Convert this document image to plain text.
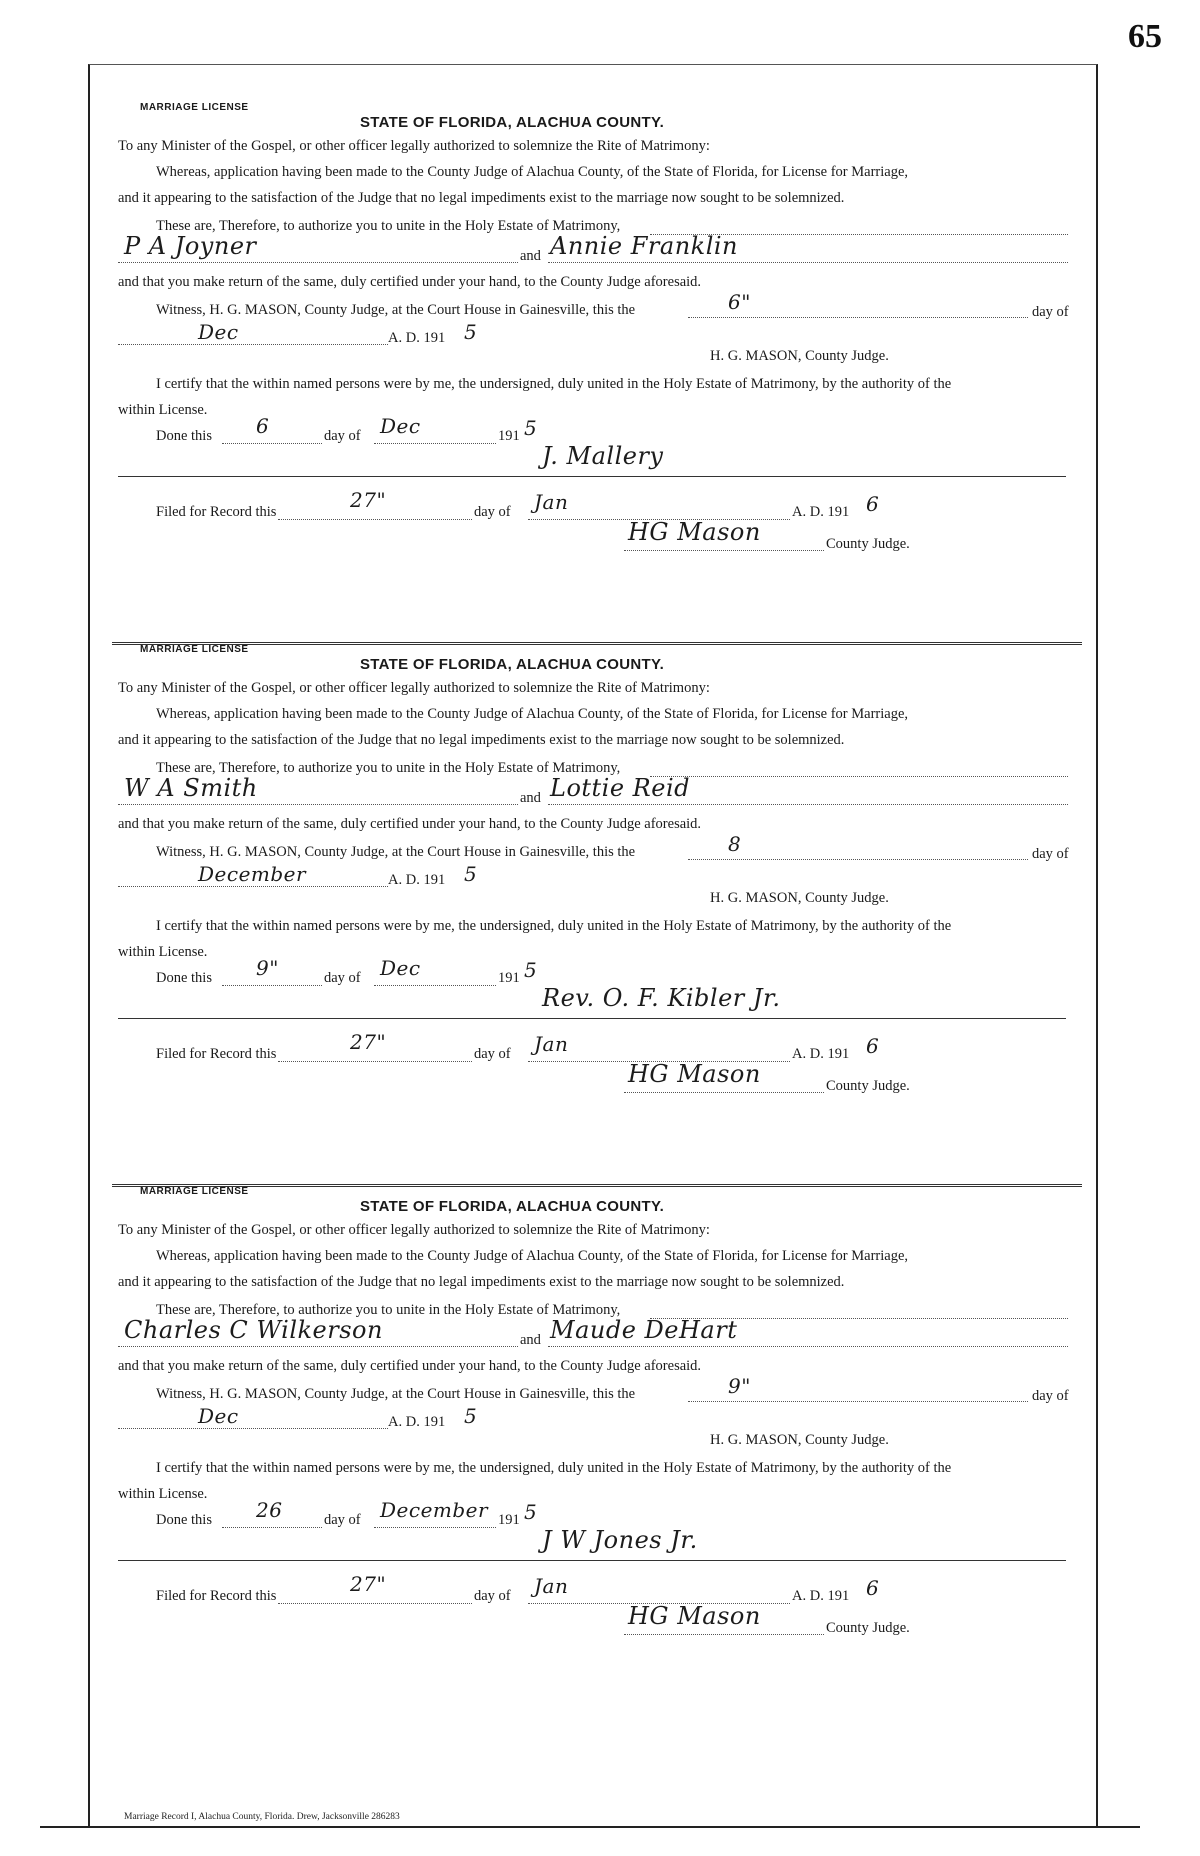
65
MARRIAGE LICENSE
STATE OF FLORIDA, ALACHUA COUNTY.
To any Minister of the Gospel, or other officer legally authorized to solemnize the Rite of Matrimony:
Whereas, application having been made to the County Judge of Alachua County, of the State of Florida, for License for Marriage,
and it appearing to the satisfaction of the Judge that no legal impediments exist to the marriage now sought to be solemnized.
These are, Therefore, to authorize you to unite in the Holy Estate of Matrimony,
P A Joyner	and Annie Franklin
and that you make return of the same, duly certified under your hand, to the County Judge aforesaid.
Witness, H. G. MASON, County Judge, at the Court House in Gainesville, this the	6"	day of
Dec	A. D. 191 5
H. G. MASON, County Judge.
I certify that the within named persons were by me, the undersigned, duly united in the Holy Estate of Matrimony, by the authority of the
within License.
Done this 6	day of Dec	191 5
J. Mallery
Filed for Record this	27"	day of Jan	A. D. 191 6
HG Mason	County Judge.
MARRIAGE LICENSE
STATE OF FLORIDA, ALACHUA COUNTY.
To any Minister of the Gospel, or other officer legally authorized to solemnize the Rite of Matrimony:
Whereas, application having been made to the County Judge of Alachua County, of the State of Florida, for License for Marriage,
and it appearing to the satisfaction of the Judge that no legal impediments exist to the marriage now sought to be solemnized.
These are, Therefore, to authorize you to unite in the Holy Estate of Matrimony,
W A Smith	and Lottie Reid
and that you make return of the same, duly certified under your hand, to the County Judge aforesaid.
Witness, H. G. MASON, County Judge, at the Court House in Gainesville, this the	8	day of
December	A. D. 191 5
H. G. MASON, County Judge.
I certify that the within named persons were by me, the undersigned, duly united in the Holy Estate of Matrimony, by the authority of the
within License.
Done this 9"	day of Dec	191 5
Rev. O. F. Kibler Jr.
Filed for Record this	27"	day of Jan	A. D. 191 6
HG Mason	County Judge.
MARRIAGE LICENSE
STATE OF FLORIDA, ALACHUA COUNTY.
To any Minister of the Gospel, or other officer legally authorized to solemnize the Rite of Matrimony:
Whereas, application having been made to the County Judge of Alachua County, of the State of Florida, for License for Marriage,
and it appearing to the satisfaction of the Judge that no legal impediments exist to the marriage now sought to be solemnized.
These are, Therefore, to authorize you to unite in the Holy Estate of Matrimony,
Charles C Wilkerson	and Maude DeHart
and that you make return of the same, duly certified under your hand, to the County Judge aforesaid.
Witness, H. G. MASON, County Judge, at the Court House in Gainesville, this the	9"	day of
Dec	A. D. 191 5
H. G. MASON, County Judge.
I certify that the within named persons were by me, the undersigned, duly united in the Holy Estate of Matrimony, by the authority of the
within License.
Done this 26	day of December 191 5
J W Jones Jr.
Filed for Record this	27"	day of Jan	A. D. 191 6
HG Mason	County Judge.
Marriage Record I, Alachua County, Florida. Drew, Jacksonville 286283
